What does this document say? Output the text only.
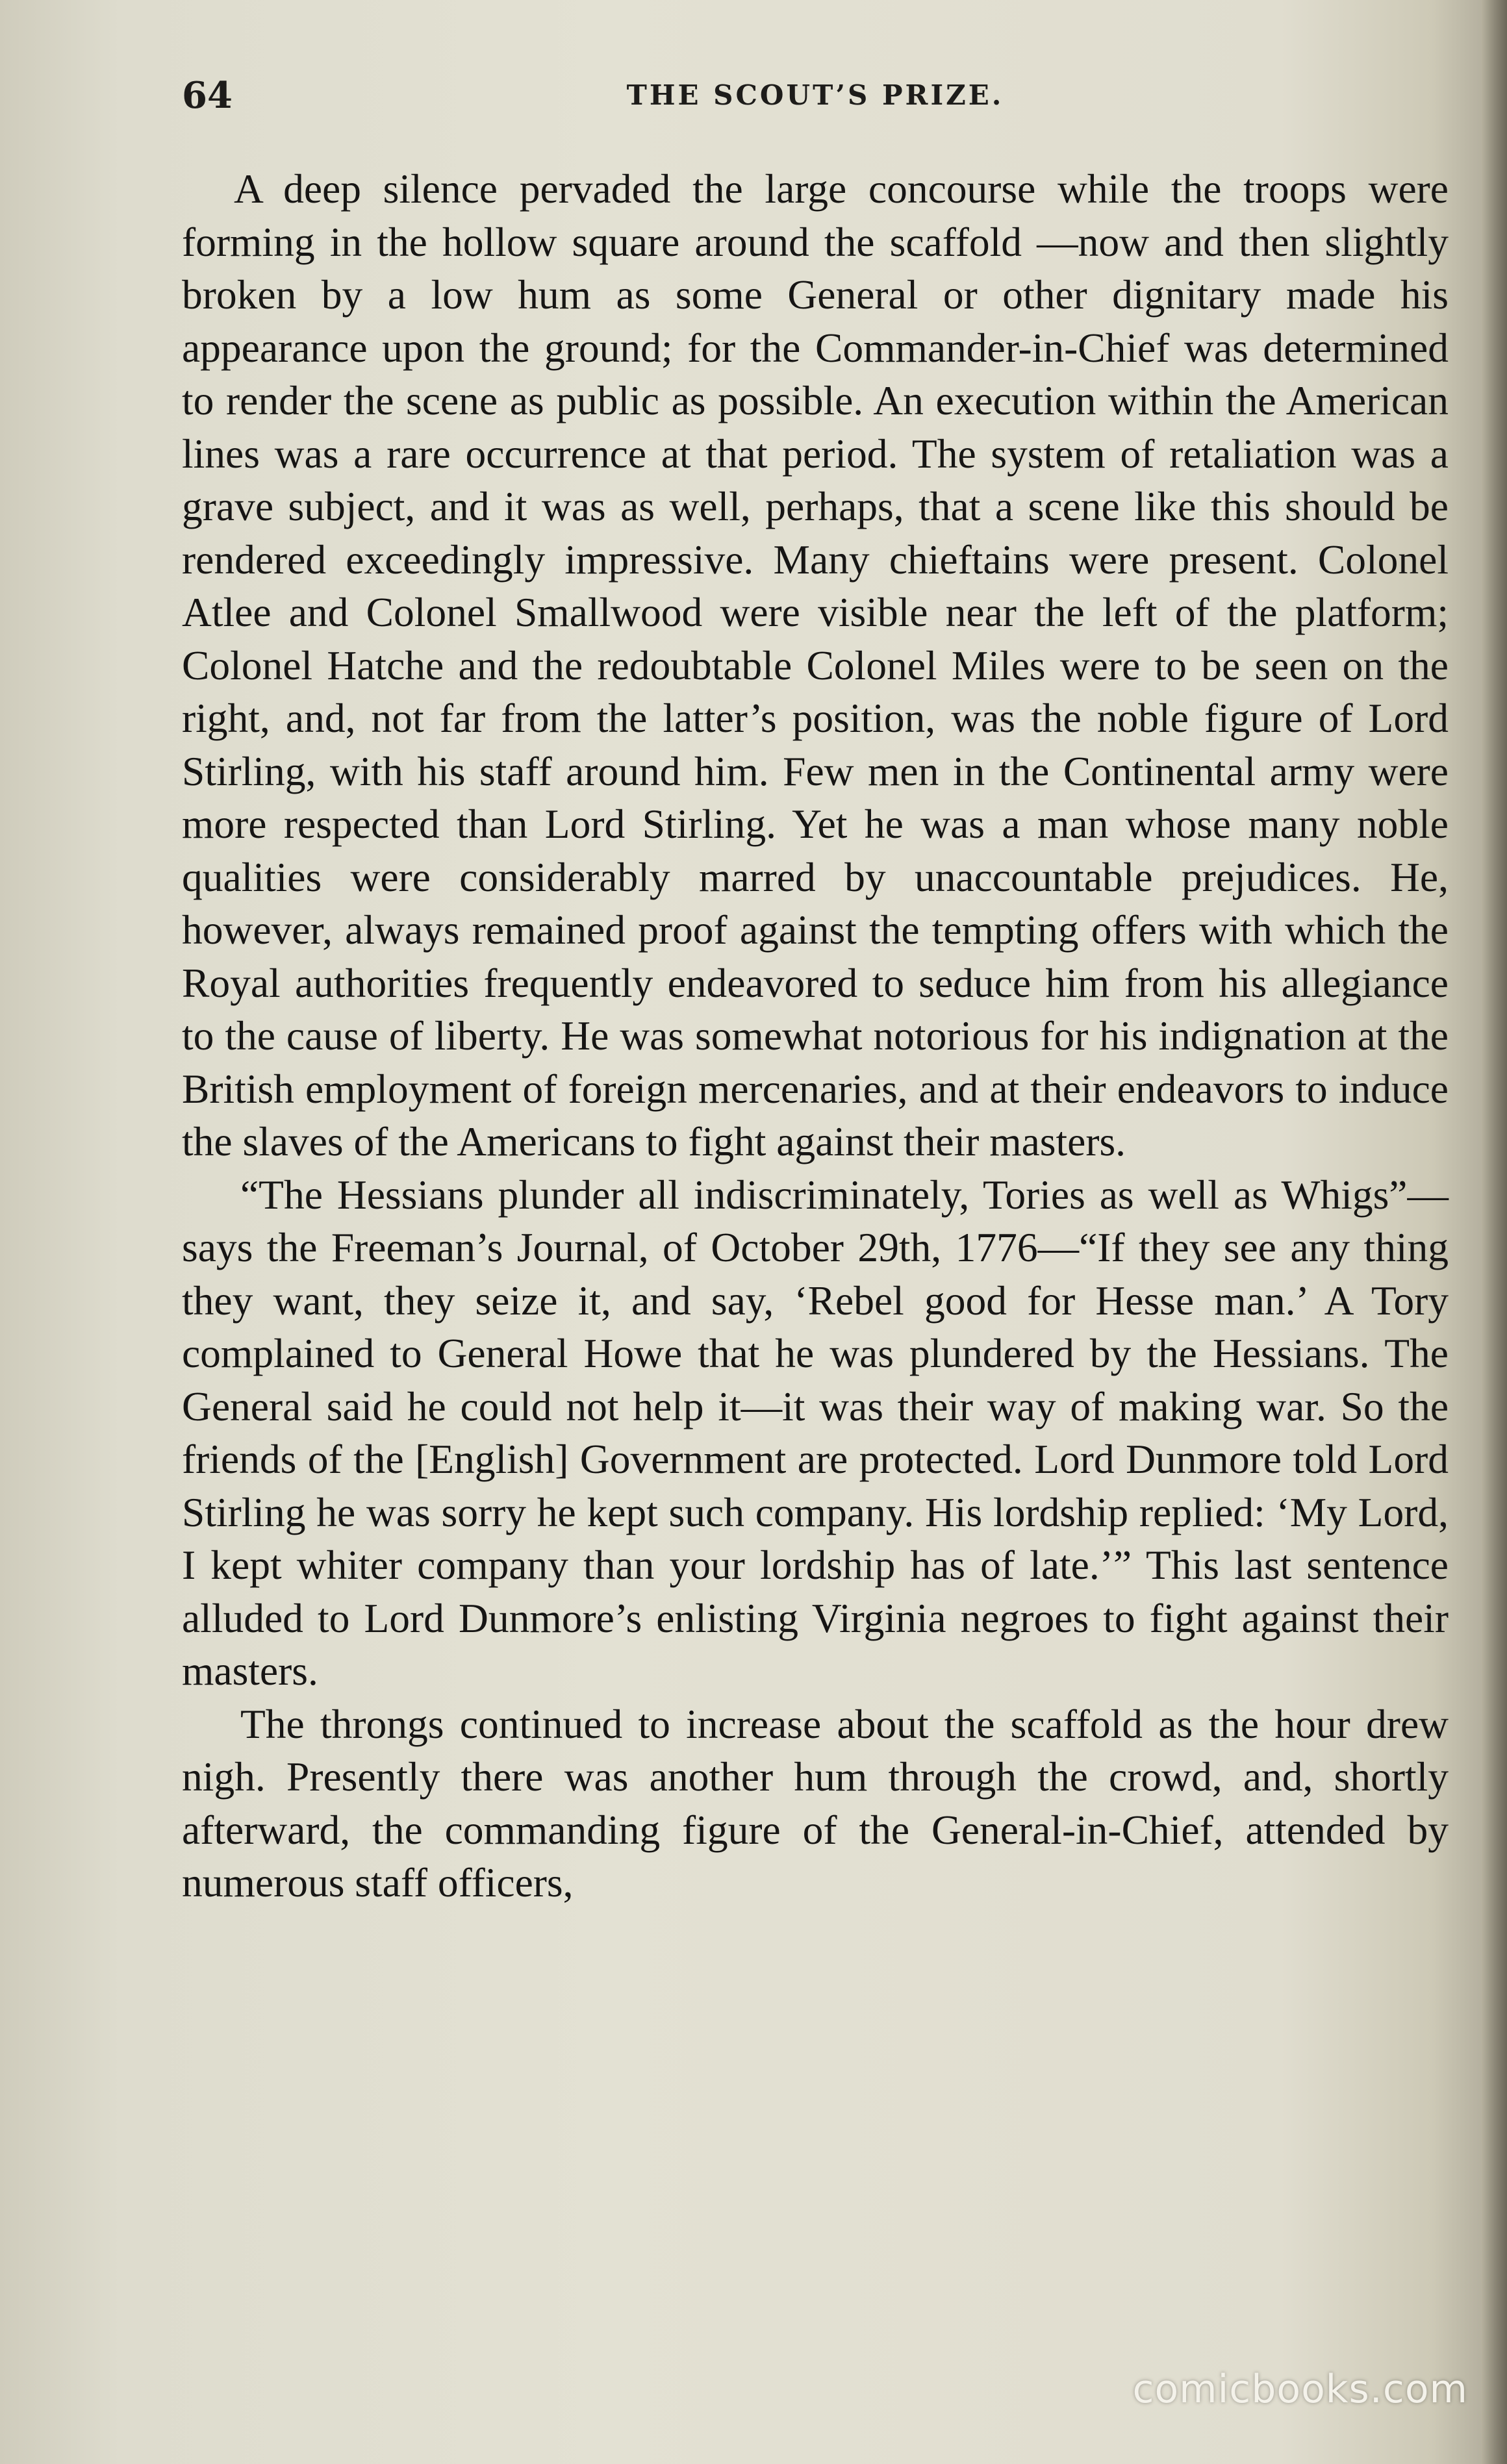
64	THE SCOUT’S PRIZE.

A deep silence pervaded the large concourse while the troops were forming in the hollow square around the scaffold —now and then slightly broken by a low hum as some General or other dignitary made his appearance upon the ground; for the Commander-in-Chief was determined to render the scene as public as possible. An execution within the American lines was a rare occurrence at that period. The system of retaliation was a grave subject, and it was as well, perhaps, that a scene like this should be rendered exceedingly impressive. Many chieftains were present. Colonel Atlee and Colonel Smallwood were visible near the left of the platform; Colonel Hatche and the redoubtable Colonel Miles were to be seen on the right, and, not far from the latter’s position, was the noble figure of Lord Stirling, with his staff around him. Few men in the Continental army were more respected than Lord Stirling. Yet he was a man whose many noble qualities were considerably marred by unaccountable prejudices. He, however, always remained proof against the tempting offers with which the Royal authorities frequently endeavored to seduce him from his allegiance to the cause of liberty. He was somewhat notorious for his indignation at the British employment of foreign mercenaries, and at their endeavors to induce the slaves of the Americans to fight against their masters.

“The Hessians plunder all indiscriminately, Tories as well as Whigs”—says the Freeman’s Journal, of October 29th, 1776—“If they see any thing they want, they seize it, and say, ‘Rebel good for Hesse man.’ A Tory complained to General Howe that he was plundered by the Hessians. The General said he could not help it—it was their way of making war. So the friends of the [English] Government are protected. Lord Dunmore told Lord Stirling he was sorry he kept such company. His lordship replied: ‘My Lord, I kept whiter company than your lordship has of late.’” This last sentence alluded to Lord Dunmore’s enlisting Virginia negroes to fight against their masters.

The throngs continued to increase about the scaffold as the hour drew nigh. Presently there was another hum through the crowd, and, shortly afterward, the commanding figure of the General-in-Chief, attended by numerous staff officers,

comicbooks.com
